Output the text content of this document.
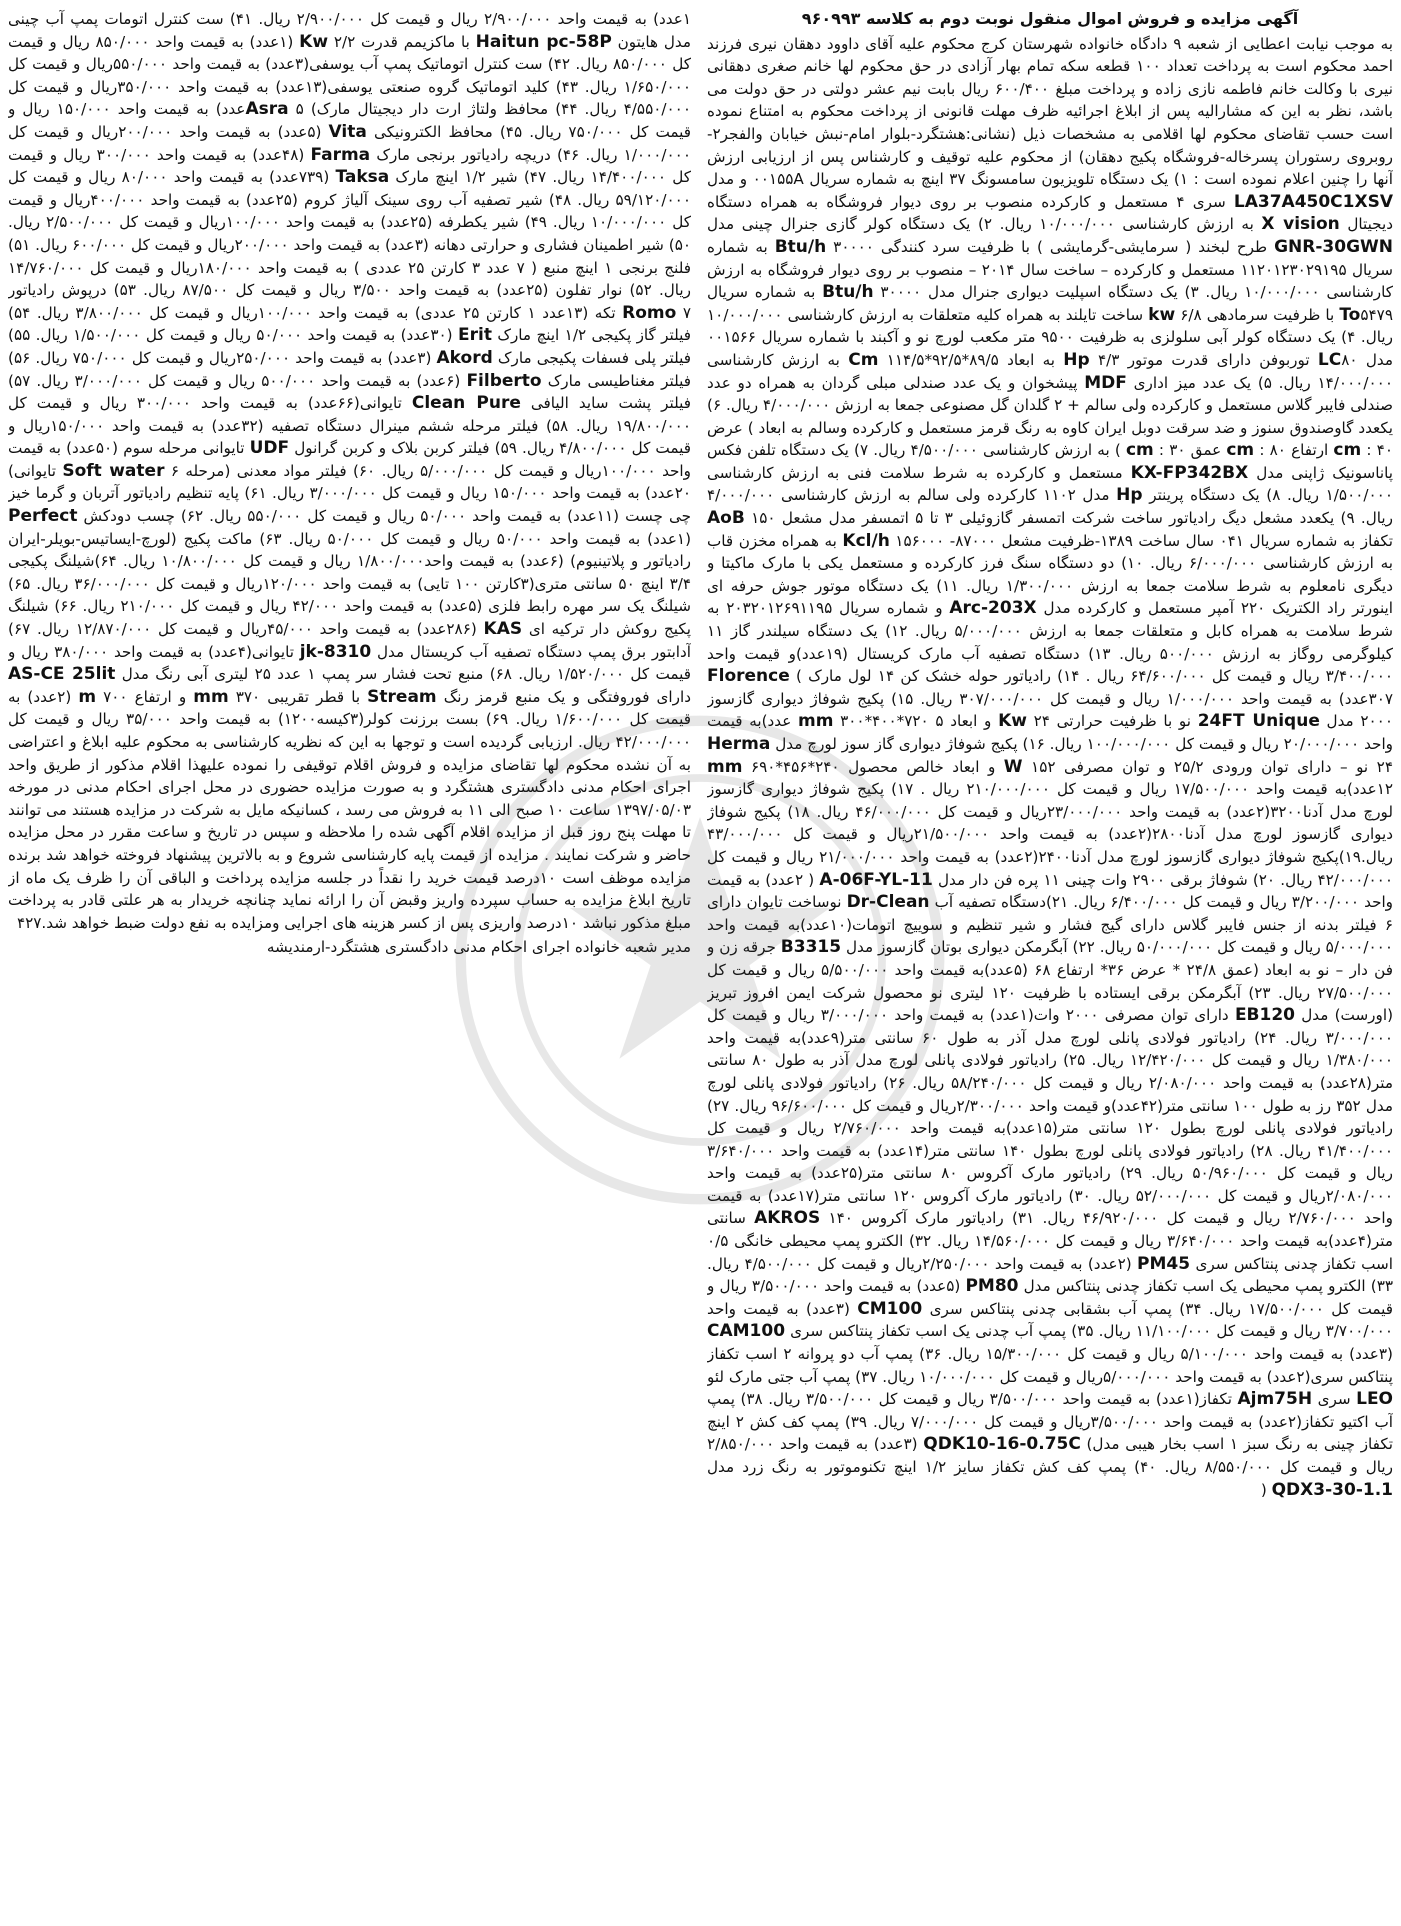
آگهی مزایده و فروش اموال منقول نوبت دوم به کلاسه ۹۶۰۹۹۳
به موجب نیابت اعطایی از شعبه ۹ دادگاه خانواده شهرستان کرج محکوم علیه آقای داوود دهقان نیری فرزند احمد محکوم است به پرداخت تعداد ۱۰۰ قطعه سکه تمام بهار آزادی در حق محکوم لها خانم صغری دهقانی نیری با وکالت خانم فاطمه نازی زاده و پرداخت مبلغ ۶۰۰/۴۰۰ ریال بابت نیم عشر دولتی در حق دولت می باشد، نظر به این که مشارالیه پس از ابلاغ اجرائیه ظرف مهلت قانونی از پرداخت محکوم به امتناع نموده است حسب تقاضای محکوم لها اقلامی به مشخصات ذیل (نشانی:هشتگرد-بلوار امام-نبش خیابان والفجر۲-روبروی رستوران پسرخاله-فروشگاه پکیج دهقان) از محکوم علیه توقیف و کارشناس پس از ارزیابی ارزش آنها را چنین اعلام نموده است : ۱) یک دستگاه تلویزیون سامسونگ ۳۷ اینچ به شماره سریال ۰۰۱۵۵A و مدل LA37A450C1XSV سری ۴ مستعمل و کارکرده منصوب بر روی دیوار فروشگاه به همراه دستگاه دیجیتال X vision به ارزش کارشناسی ۱۰/۰۰۰/۰۰۰ ریال. ۲) یک دستگاه کولر گازی جنرال چینی مدل GNR-30GWN طرح لبخند ( سرمایشی-گرمایشی ) با ظرفیت سرد کنندگی Btu/h ۳۰۰۰۰ به شماره سریال ۱۱۲۰۱۲۳۰۲۹۱۹۵ مستعمل و کارکرده – ساخت سال ۲۰۱۴ – منصوب بر روی دیوار فروشگاه به ارزش کارشناسی ۱۰/۰۰۰/۰۰۰ ریال. ۳) یک دستگاه اسپلیت دیواری جنرال مدل Btu/h ۳۰۰۰۰ به شماره سریال To۵۴۷۹ با ظرفیت سرمادهی kw ۶/۸ ساخت تایلند به همراه کلیه متعلقات به ارزش کارشناسی ۱۰/۰۰۰/۰۰۰ ریال. ۴) یک دستگاه کولر آبی سلولزی به ظرفیت ۹۵۰۰ متر مکعب لورچ نو و آکبند با شماره سریال ۰۰۱۵۶۶ مدل LC۸۰ توربوفن دارای قدرت موتور Hp ۴/۳ به ابعاد Cm ۱۱۴/۵*۹۲/۵*۸۹/۵ به ارزش کارشناسی ۱۴/۰۰۰/۰۰۰ ریال. ۵) یک عدد میز اداری MDF پیشخوان و یک عدد صندلی مبلی گردان به همراه دو عدد صندلی فایبر گلاس مستعمل و کارکرده ولی سالم + ۲ گلدان گل مصنوعی جمعا به ارزش ۴/۰۰۰/۰۰۰ ریال. ۶) یکعدد گاوصندوق سنوز و ضد سرقت دوبل ایران کاوه به رنگ قرمز مستعمل و کارکرده وسالم به ابعاد ) عرض ۴۰ : cm ارتفاع ۸۰ : cm عمق ۳۰ : cm ) به ارزش کارشناسی ۴/۵۰۰/۰۰۰ ریال. ۷) یک دستگاه تلفن فکس پاناسونیک ژاپنی مدل KX-FP342BX مستعمل و کارکرده به شرط سلامت فنی به ارزش کارشناسی ۱/۵۰۰/۰۰۰ ریال. ۸) یک دستگاه پرینتر Hp مدل ۱۱۰۲ کارکرده ولی سالم به ارزش کارشناسی ۴/۰۰۰/۰۰۰ ریال. ۹) یکعدد مشعل دیگ رادیاتور ساخت شرکت اتمسفر گازوئیلی ۳ تا ۵ اتمسفر مدل مشعل AoB ۱۵۰ تکفاز به شماره سریال ۰۴۱ سال ساخت ۱۳۸۹-ظرفیت مشعل Kcl/h ۱۵۶۰۰۰ -۸۷۰۰۰ به همراه مخزن قاب به ارزش کارشناسی ۶/۰۰۰/۰۰۰ ریال. ۱۰) دو دستگاه سنگ فرز کارکرده و مستعمل یکی با مارک ماکیتا و دیگری نامعلوم به شرط سلامت جمعا به ارزش ۱/۳۰۰/۰۰۰ ریال. ۱۱) یک دستگاه موتور جوش حرفه ای اینورتر راد الکتریک ۲۲۰ آمپر مستعمل و کارکرده مدل Arc-203X و شماره سریال ۲۰۳۲۰۱۲۶۹۱۱۹۵ به شرط سلامت به همراه کابل و متعلقات جمعا به ارزش ۵/۰۰۰/۰۰۰ ریال. ۱۲) یک دستگاه سیلندر گاز ۱۱ کیلوگرمی روگاز به ارزش ۵۰۰/۰۰۰ ریال. ۱۳) دستگاه تصفیه آب مارک کریستال (۱۹عدد)و قیمت واحد ۳/۴۰۰/۰۰۰ ریال و قیمت کل ۶۴/۶۰۰/۰۰۰ ریال . ۱۴) رادیاتور حوله خشک کن ۱۴ لول مارک ) Florence ۳۰۷عدد) به قیمت واحد ۱/۰۰۰/۰۰۰ ریال و قیمت کل ۳۰۷/۰۰۰/۰۰۰ ریال. ۱۵) پکیج شوفاژ دیواری گازسوز ۲۰۰۰ مدل 24FT Unique نو با ظرفیت حرارتی Kw ۲۴ و ابعاد mm ۳۰۰*۴۰۰*۷۲۰ ۵ عدد)به قیمت واحد ۲۰/۰۰۰/۰۰۰ ریال و قیمت کل ۱۰۰/۰۰۰/۰۰۰ ریال. ۱۶) پکیج شوفاژ دیواری گاز سوز لورچ مدل Herma ۲۴ نو – دارای توان ورودی ۲۵/۲ و توان مصرفی W ۱۵۲ و ابعاد خالص محصول ۲۴۰*۴۵۶*۶۹۰ mm ۱۲عدد)به قیمت واحد ۱۷/۵۰۰/۰۰۰ ریال و قیمت کل ۲۱۰/۰۰۰/۰۰۰ ریال . ۱۷) پکیج شوفاژ دیواری گازسوز لورچ مدل آدنا۳۲۰۰(۲عدد) به قیمت واحد ۲۳/۰۰۰/۰۰۰ریال و قیمت کل ۴۶/۰۰۰/۰۰۰ ریال. ۱۸) پکیج شوفاژ دیواری گازسوز لورچ مدل آدنا۲۸۰۰(۲عدد) به قیمت واحد ۲۱/۵۰۰/۰۰۰ریال و قیمت کل ۴۳/۰۰۰/۰۰۰ ریال.۱۹)پکیج شوفاژ دیواری گازسوز لورچ مدل آدنا۲۴۰۰(۲عدد) به قیمت واحد ۲۱/۰۰۰/۰۰۰ ریال و قیمت کل ۴۲/۰۰۰/۰۰۰ ریال. ۲۰) شوفاژ برقی ۲۹۰۰ وات چینی ۱۱ پره فن دار مدل A-06F-YL-11 ( ۲عدد) به قیمت واحد ۳/۲۰۰/۰۰۰ ریال و قیمت کل ۶/۴۰۰/۰۰۰ ریال. ۲۱)دستگاه تصفیه آب Dr-Clean نوساخت تایوان دارای ۶ فیلتر بدنه از جنس فایبر گلاس دارای گیج فشار و شیر تنظیم و سوییچ اتومات(۱۰عدد)به قیمت واحد ۵/۰۰۰/۰۰۰ ریال و قیمت کل ۵۰/۰۰۰/۰۰۰ ریال. ۲۲) آبگرمکن دیواری بوتان گازسوز مدل B3315 جرقه زن و فن دار – نو به ابعاد (عمق ۲۴/۸ * عرض ۳۶* ارتفاع ۶۸ (۵عدد)به قیمت واحد ۵/۵۰۰/۰۰۰ ریال و قیمت کل ۲۷/۵۰۰/۰۰۰ ریال. ۲۳) آبگرمکن برقی ایستاده با ظرفیت ۱۲۰ لیتری نو محصول شرکت ایمن افروز تبریز (اورست) مدل EB120 دارای توان مصرفی ۲۰۰۰ وات(۱عدد) به قیمت واحد ۳/۰۰۰/۰۰۰ ریال و قیمت کل ۳/۰۰۰/۰۰۰ ریال. ۲۴) رادیاتور فولادی پانلی لورچ مدل آذر به طول ۶۰ سانتی متر(۹عدد)به قیمت واحد ۱/۳۸۰/۰۰۰ ریال و قیمت کل ۱۲/۴۲۰/۰۰۰ ریال. ۲۵) رادیاتور فولادی پانلی لورچ مدل آذر به طول ۸۰ سانتی متر(۲۸عدد) به قیمت واحد ۲/۰۸۰/۰۰۰ ریال و قیمت کل ۵۸/۲۴۰/۰۰۰ ریال. ۲۶) رادیاتور فولادی پانلی لورچ مدل ۳۵۲ رز به طول ۱۰۰ سانتی متر(۴۲عدد)و قیمت واحد ۲/۳۰۰/۰۰۰ریال و قیمت کل ۹۶/۶۰۰/۰۰۰ ریال. ۲۷) رادیاتور فولادی پانلی لورچ بطول ۱۲۰ سانتی متر(۱۵عدد)به قیمت واحد ۲/۷۶۰/۰۰۰ ریال و قیمت کل ۴۱/۴۰۰/۰۰۰ ریال. ۲۸) رادیاتور فولادی پانلی لورچ بطول ۱۴۰ سانتی متر(۱۴عدد) به قیمت واحد ۳/۶۴۰/۰۰۰ ریال و قیمت کل ۵۰/۹۶۰/۰۰۰ ریال. ۲۹) رادیاتور مارک آکروس ۸۰ سانتی متر(۲۵عدد) به قیمت واحد ۲/۰۸۰/۰۰۰ریال و قیمت کل ۵۲/۰۰۰/۰۰۰ ریال. ۳۰) رادیاتور مارک آکروس ۱۲۰ سانتی متر(۱۷عدد) به قیمت واحد ۲/۷۶۰/۰۰۰ ریال و قیمت کل ۴۶/۹۲۰/۰۰۰ ریال. ۳۱) رادیاتور مارک آکروس AKROS ۱۴۰ سانتی متر(۴عدد)به قیمت واحد ۳/۶۴۰/۰۰۰ ریال و قیمت کل ۱۴/۵۶۰/۰۰۰ ریال. ۳۲) الکترو پمپ محیطی خانگی ۰/۵ اسب تکفاز چدنی پنتاکس سری PM45 (۲عدد) به قیمت واحد ۲/۲۵۰/۰۰۰ریال و قیمت کل ۴/۵۰۰/۰۰۰ ریال. ۳۳) الکترو پمپ محیطی یک اسب تکفاز چدنی پنتاکس مدل PM80 (۵عدد) به قیمت واحد ۳/۵۰۰/۰۰۰ ریال و قیمت کل ۱۷/۵۰۰/۰۰۰ ریال. ۳۴) پمپ آب بشقابی چدنی پنتاکس سری CM100 (۳عدد) به قیمت واحد ۳/۷۰۰/۰۰۰ ریال و قیمت کل ۱۱/۱۰۰/۰۰۰ ریال. ۳۵) پمپ آب چدنی یک اسب تکفاز پنتاکس سری CAM100 (۳عدد) به قیمت واحد ۵/۱۰۰/۰۰۰ ریال و قیمت کل ۱۵/۳۰۰/۰۰۰ ریال. ۳۶) پمپ آب دو پروانه ۲ اسب تکفاز پنتاکس سری(۲عدد) به قیمت واحد ۵/۰۰۰/۰۰۰ریال و قیمت کل ۱۰/۰۰۰/۰۰۰ ریال. ۳۷) پمپ آب جتی مارک لئو LEO سری Ajm75H تکفاز(۱عدد) به قیمت واحد ۳/۵۰۰/۰۰۰ ریال و قیمت کل ۳/۵۰۰/۰۰۰ ریال. ۳۸) پمپ آب اکتیو تکفاز(۲عدد) به قیمت واحد ۳/۵۰۰/۰۰۰ریال و قیمت کل ۷/۰۰۰/۰۰۰ ریال. ۳۹) پمپ کف کش ۲ اینچ تکفاز چینی به رنگ سبز ۱ اسب بخار هیبی مدل) QDK10-16-0.75C (۳عدد) به قیمت واحد ۲/۸۵۰/۰۰۰ ریال و قیمت کل ۸/۵۵۰/۰۰۰ ریال. ۴۰) پمپ کف کش تکفاز سایز ۱/۲ اینچ تکنوموتور به رنگ زرد مدل QDX3-30-1.1 (
۱عدد) به قیمت واحد ۲/۹۰۰/۰۰۰ ریال و قیمت کل ۲/۹۰۰/۰۰۰ ریال. ۴۱) ست کنترل اتومات پمپ آب چینی مدل هایتون Haitun pc-58P با ماکزیمم قدرت Kw ۲/۲ (۱عدد) به قیمت واحد ۸۵۰/۰۰۰ ریال و قیمت کل ۸۵۰/۰۰۰ ریال. ۴۲) ست کنترل اتوماتیک پمپ آب یوسفی(۳عدد) به قیمت واحد ۵۵۰/۰۰۰ریال و قیمت کل ۱/۶۵۰/۰۰۰ ریال. ۴۳) کلید اتوماتیک گروه صنعتی یوسفی(۱۳عدد) به قیمت واحد ۳۵۰/۰۰۰ریال و قیمت کل ۴/۵۵۰/۰۰۰ ریال. ۴۴) محافظ ولتاژ ارت دار دیجیتال مارک) Asra ۵عدد) به قیمت واحد ۱۵۰/۰۰۰ ریال و قیمت کل ۷۵۰/۰۰۰ ریال. ۴۵) محافظ الکترونیکی Vita (۵عدد) به قیمت واحد ۲۰۰/۰۰۰ریال و قیمت کل ۱/۰۰۰/۰۰۰ ریال. ۴۶) دریچه رادیاتور برنجی مارک Farma (۴۸عدد) به قیمت واحد ۳۰۰/۰۰۰ ریال و قیمت کل ۱۴/۴۰۰/۰۰۰ ریال. ۴۷) شیر ۱/۲ اینچ مارک Taksa (۷۳۹عدد) به قیمت واحد ۸۰/۰۰۰ ریال و قیمت کل ۵۹/۱۲۰/۰۰۰ ریال. ۴۸) شیر تصفیه آب روی سینک آلیاژ کروم (۲۵عدد) به قیمت واحد ۴۰۰/۰۰۰ریال و قیمت کل ۱۰/۰۰۰/۰۰۰ ریال. ۴۹) شیر یکطرفه (۲۵عدد) به قیمت واحد ۱۰۰/۰۰۰ریال و قیمت کل ۲/۵۰۰/۰۰۰ ریال. ۵۰) شیر اطمینان فشاری و حرارتی دهانه (۳عدد) به قیمت واحد ۲۰۰/۰۰۰ریال و قیمت کل ۶۰۰/۰۰۰ ریال. ۵۱) فلنج برنجی ۱ اینچ منبع ( ۷ عدد ۳ کارتن ۲۵ عددی ) به قیمت واحد ۱۸۰/۰۰۰ریال و قیمت کل ۱۴/۷۶۰/۰۰۰ ریال. ۵۲) نوار تفلون (۲۵عدد) به قیمت واحد ۳/۵۰۰ ریال و قیمت کل ۸۷/۵۰۰ ریال. ۵۳) درپوش رادیاتور Romo ۷ تکه (۱۳عدد ۱ کارتن ۲۵ عددی) به قیمت واحد ۱۰۰/۰۰۰ریال و قیمت کل ۳/۸۰۰/۰۰۰ ریال. ۵۴) فیلتر گاز پکیجی ۱/۲ اینچ مارک Erit (۳۰عدد) به قیمت واحد ۵۰/۰۰۰ ریال و قیمت کل ۱/۵۰۰/۰۰۰ ریال. ۵۵) فیلتر پلی فسفات پکیجی مارک Akord (۳عدد) به قیمت واحد ۲۵۰/۰۰۰ریال و قیمت کل ۷۵۰/۰۰۰ ریال. ۵۶) فیلتر مغناطیسی مارک Filberto (۶عدد) به قیمت واحد ۵۰۰/۰۰۰ ریال و قیمت کل ۳/۰۰۰/۰۰۰ ریال. ۵۷) فیلتر پشت ساید الیافی Clean Pure تایوانی(۶۶عدد) به قیمت واحد ۳۰۰/۰۰۰ ریال و قیمت کل ۱۹/۸۰۰/۰۰۰ ریال. ۵۸) فیلتر مرحله ششم مینرال دستگاه تصفیه (۳۲عدد) به قیمت واحد ۱۵۰/۰۰۰ریال و قیمت کل ۴/۸۰۰/۰۰۰ ریال. ۵۹) فیلتر کربن بلاک و کربن گرانول UDF تایوانی مرحله سوم (۵۰عدد) به قیمت واحد ۱۰۰/۰۰۰ریال و قیمت کل ۵/۰۰۰/۰۰۰ ریال. ۶۰) فیلتر مواد معدنی (مرحله ۶ Soft water تایوانی) ۲۰عدد) به قیمت واحد ۱۵۰/۰۰۰ ریال و قیمت کل ۳/۰۰۰/۰۰۰ ریال. ۶۱) پایه تنظیم رادیاتور آتربان و گرما خیز چی چست (۱۱عدد) به قیمت واحد ۵۰/۰۰۰ ریال و قیمت کل ۵۵۰/۰۰۰ ریال. ۶۲) چسب دودکش Perfect (۱عدد) به قیمت واحد ۵۰/۰۰۰ ریال و قیمت کل ۵۰/۰۰۰ ریال. ۶۳) ماکت پکیج (لورچ-ایساتیس-بویلر-ایران رادیاتور و پلاتینیوم) (۶عدد) به قیمت واحد۱/۸۰۰/۰۰۰ ریال و قیمت کل ۱۰/۸۰۰/۰۰۰ ریال. ۶۴)شیلنگ پکیجی ۳/۴ اینچ ۵۰ سانتی متری(۳کارتن ۱۰۰ تایی) به قیمت واحد ۱۲۰/۰۰۰ریال و قیمت کل ۳۶/۰۰۰/۰۰۰ ریال. ۶۵) شیلنگ یک سر مهره رابط فلزی (۵عدد) به قیمت واحد ۴۲/۰۰۰ ریال و قیمت کل ۲۱۰/۰۰۰ ریال. ۶۶) شیلنگ پکیج روکش دار ترکیه ای KAS (۲۸۶عدد) به قیمت واحد ۴۵/۰۰۰ریال و قیمت کل ۱۲/۸۷۰/۰۰۰ ریال. ۶۷) آدابتور برق پمپ دستگاه تصفیه آب کریستال مدل jk-8310 تایوانی(۴عدد) به قیمت واحد ۳۸۰/۰۰۰ ریال و قیمت کل ۱/۵۲۰/۰۰۰ ریال. ۶۸) منبع تحت فشار سر پمپ ۱ عدد ۲۵ لیتری آبی رنگ مدل AS-CE 25lit دارای فوروفتگی و یک منبع قرمز رنگ Stream با قطر تقریبی mm ۳۷۰ و ارتفاع m ۷۰۰ (۲عدد) به قیمت کل ۱/۶۰۰/۰۰۰ ریال. ۶۹) بست برزنت کولر(۳کیسه۱۲۰۰) به قیمت واحد ۳۵/۰۰۰ ریال و قیمت کل ۴۲/۰۰۰/۰۰۰ ریال. ارزیابی گردیده است و توجها به این که نظریه کارشناسی به محکوم علیه ابلاغ و اعتراضی به آن نشده محکوم لها تقاضای مزایده و فروش اقلام توقیفی را نموده علیهذا اقلام مذکور از طریق واحد اجرای احکام مدنی دادگستری هشتگرد و به صورت مزایده حضوری در محل اجرای احکام مدنی در مورخه ۱۳۹۷/۰۵/۰۳ ساعت ۱۰ صبح الی ۱۱ به فروش می رسد ، کسانیکه مایل به شرکت در مزایده هستند می توانند تا مهلت پنج روز قبل از مزایده اقلام آگهی شده را ملاحظه و سپس در تاریخ و ساعت مقرر در محل مزایده حاضر و شرکت نمایند . مزایده از قیمت پایه کارشناسی شروع و به بالاترین پیشنهاد فروخته خواهد شد برنده مزایده موظف است ۱۰درصد قیمت خرید را نقداً در جلسه مزایده پرداخت و الباقی آن را ظرف یک ماه از تاریخ ابلاغ مزایده به حساب سپرده واریز وقبض آن را ارائه نماید چنانچه خریدار به هر علتی قادر به پرداخت مبلغ مذکور نباشد ۱۰درصد واریزی پس از کسر هزینه های اجرایی ومزایده به نفع دولت ضبط خواهد شد.۴۲۷
مدیر شعبه خانواده اجرای احکام مدنی دادگستری هشتگرد-ارمندیشه
